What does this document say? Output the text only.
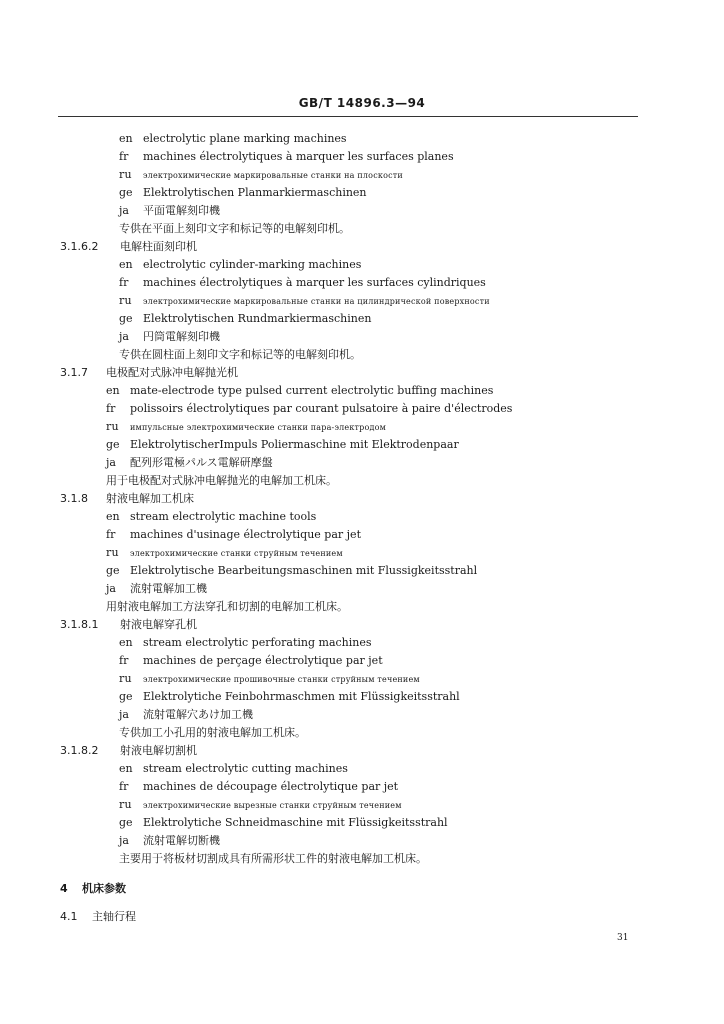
GB/T 14896.3—94
en electrolytic plane marking machines
fr machines électrolytiques à marquer les surfaces planes
ru электрохимические маркировальные станки на плоскости
ge Elektrolytischen Planmarkiermaschinen
ja 平面電解刻印機
专供在平面上刻印文字和标记等的电解刻印机。
3.1.6.2 电解柱面刻印机
en electrolytic cylinder-marking machines
fr machines électrolytiques à marquer les surfaces cylindriques
ru электрохимические маркировальные станки на цилиндрической поверхности
ge Elektrolytischen Rundmarkiermaschinen
ja 円筒電解刻印機
专供在圆柱面上刻印文字和标记等的电解刻印机。
3.1.7 电极配对式脉冲电解抛光机
en mate-electrode type pulsed current electrolytic buffing machines
fr polissoirs électrolytiques par courant pulsatoire à paire d'électrodes
ru импульсные электрохимические станки пара-электродом
ge ElektrolytischerImpuls Poliermaschine mit Elektrodenpaar
ja 配列形電極パルス電解研摩盤
用于电极配对式脉冲电解抛光的电解加工机床。
3.1.8 射液电解加工机床
en stream electrolytic machine tools
fr machines d'usinage électrolytique par jet
ru электрохимические станки струйным течением
ge Elektrolytische Bearbeitungsmaschinen mit Flussigkeitsstrahl
ja 流射電解加工機
用射液电解加工方法穿孔和切割的电解加工机床。
3.1.8.1 射液电解穿孔机
en stream electrolytic perforating machines
fr machines de perçage électrolytique par jet
ru электрохимические прошивочные станки струйным течением
ge Elektrolytiche Feinbohrmaschmen mit Flüssigkeitsstrahl
ja 流射電解穴あけ加工機
专供加工小孔用的射液电解加工机床。
3.1.8.2 射液电解切割机
en stream electrolytic cutting machines
fr machines de découpage électrolytique par jet
ru электрохимические вырезные станки струйным течением
ge Elektrolytiche Schneidmaschine mit Flüssigkeitsstrahl
ja 流射電解切断機
主要用于将板材切割成具有所需形状工件的射液电解加工机床。
4 机床参数
4.1 主轴行程
31
